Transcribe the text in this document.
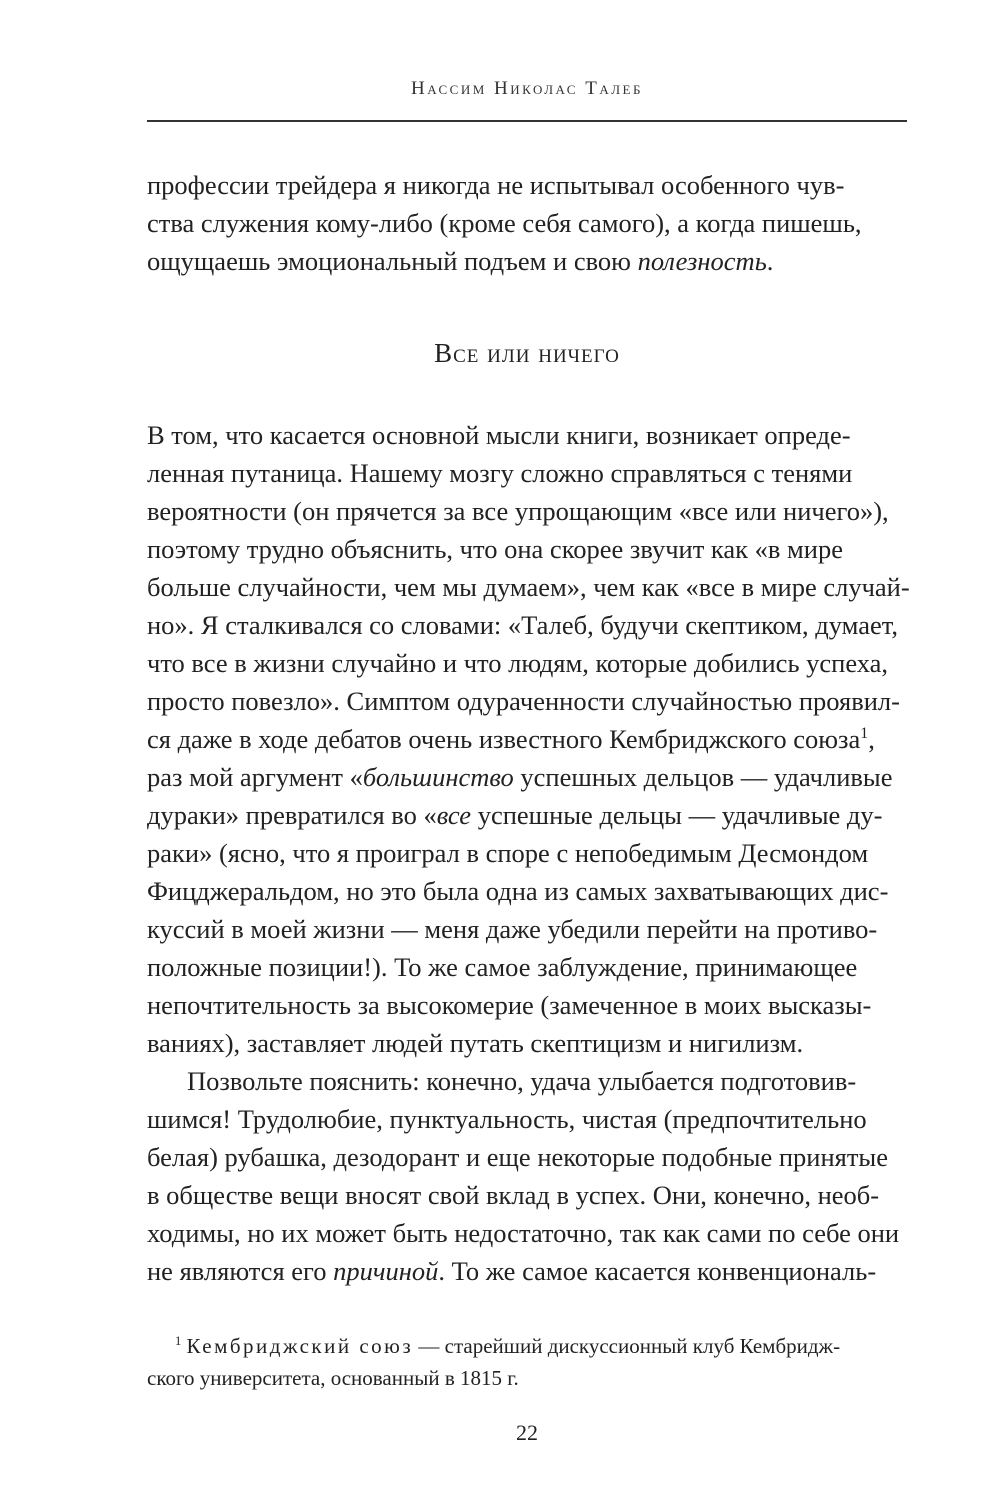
Нассим Николас Талеб
профессии трейдера я никогда не испытывал особенного чув-
ства служения кому-либо (кроме себя самого), а когда пишешь,
ощущаешь эмоциональный подъем и свою полезность.
Все или ничего
В том, что касается основной мысли книги, возникает опреде-
ленная путаница. Нашему мозгу сложно справляться с тенями
вероятности (он прячется за все упрощающим «все или ничего»),
поэтому трудно объяснить, что она скорее звучит как «в мире
больше случайности, чем мы думаем», чем как «все в мире случай-
но». Я сталкивался со словами: «Талеб, будучи скептиком, думает,
что все в жизни случайно и что людям, которые добились успеха,
просто повезло». Симптом одураченности случайностью проявил-
ся даже в ходе дебатов очень известного Кембриджского союза$^1$,
раз мой аргумент «большинство успешных дельцов — удачливые
дураки» превратился во «все успешные дельцы — удачливые ду-
раки» (ясно, что я проиграл в споре с непобедимым Десмондом
Фицджеральдом, но это была одна из самых захватывающих дис-
куссий в моей жизни — меня даже убедили перейти на противо-
положные позиции!). То же самое заблуждение, принимающее
непочтительность за высокомерие (замеченное в моих высказы-
ваниях), заставляет людей путать скептицизм и нигилизм.
Позвольте пояснить: конечно, удача улыбается подготовив-
шимся! Трудолюбие, пунктуальность, чистая (предпочтительно
белая) рубашка, дезодорант и еще некоторые подобные принятые
в обществе вещи вносят свой вклад в успех. Они, конечно, необ-
ходимы, но их может быть недостаточно, так как сами по себе они
не являются его причиной. То же самое касается конвенциональ-
$^1$ Кембриджский союз — старейший дискуссионный клуб Кембридж-
ского университета, основанный в 1815 г.
22
